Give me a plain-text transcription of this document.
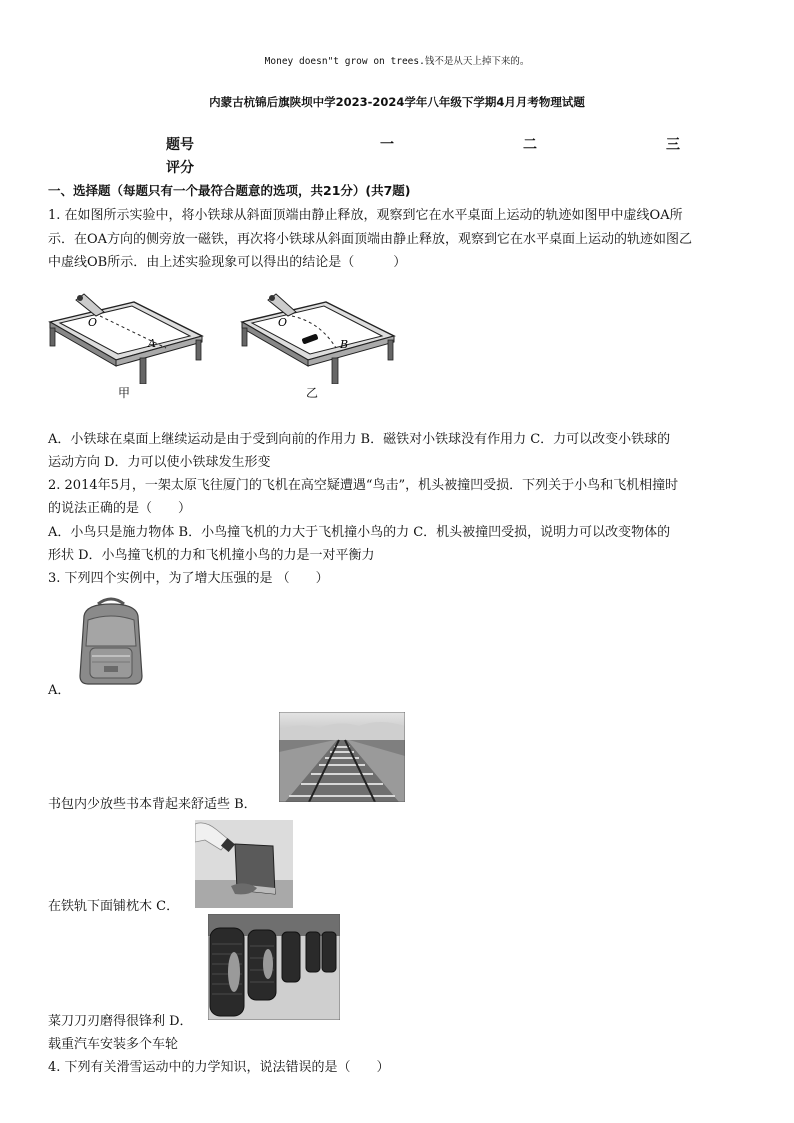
Money doesn"t grow on trees.钱不是从天上掉下来的。
内蒙古杭锦后旗陕坝中学2023-2024学年八年级下学期4月月考物理试题
题号
评分
一	二	三
一、选择题（每题只有一个最符合题意的选项，共21分）(共7题)
1. 在如图所示实验中，将小铁球从斜面顶端由静止释放，观察到它在水平桌面上运动的轨迹如图甲中虚线OA所
示．在OA方向的侧旁放一磁铁，再次将小铁球从斜面顶端由静止释放，观察到它在水平桌面上运动的轨迹如图乙
中虚线OB所示．由上述实验现象可以得出的结论是（　　　）
O
A
甲
O
B
乙
A．小铁球在桌面上继续运动是由于受到向前的作用力 B．磁铁对小铁球没有作用力 C．力可以改变小铁球的
运动方向 D．力可以使小铁球发生形变
2. 2014年5月，一架太原飞往厦门的飞机在高空疑遭遇“鸟击”，机头被撞凹受损．下列关于小鸟和飞机相撞时
的说法正确的是（　　）
A．小鸟只是施力物体 B．小鸟撞飞机的力大于飞机撞小鸟的力 C．机头被撞凹受损，说明力可以改变物体的
形状 D．小鸟撞飞机的力和飞机撞小鸟的力是一对平衡力
3. 下列四个实例中，为了增大压强的是 （　　）
A．
书包内少放些书本背起来舒适些 B．
在铁轨下面铺枕木 C．
菜刀刀刃磨得很锋利 D．
载重汽车安装多个车轮
4. 下列有关滑雪运动中的力学知识，说法错误的是（　　）
